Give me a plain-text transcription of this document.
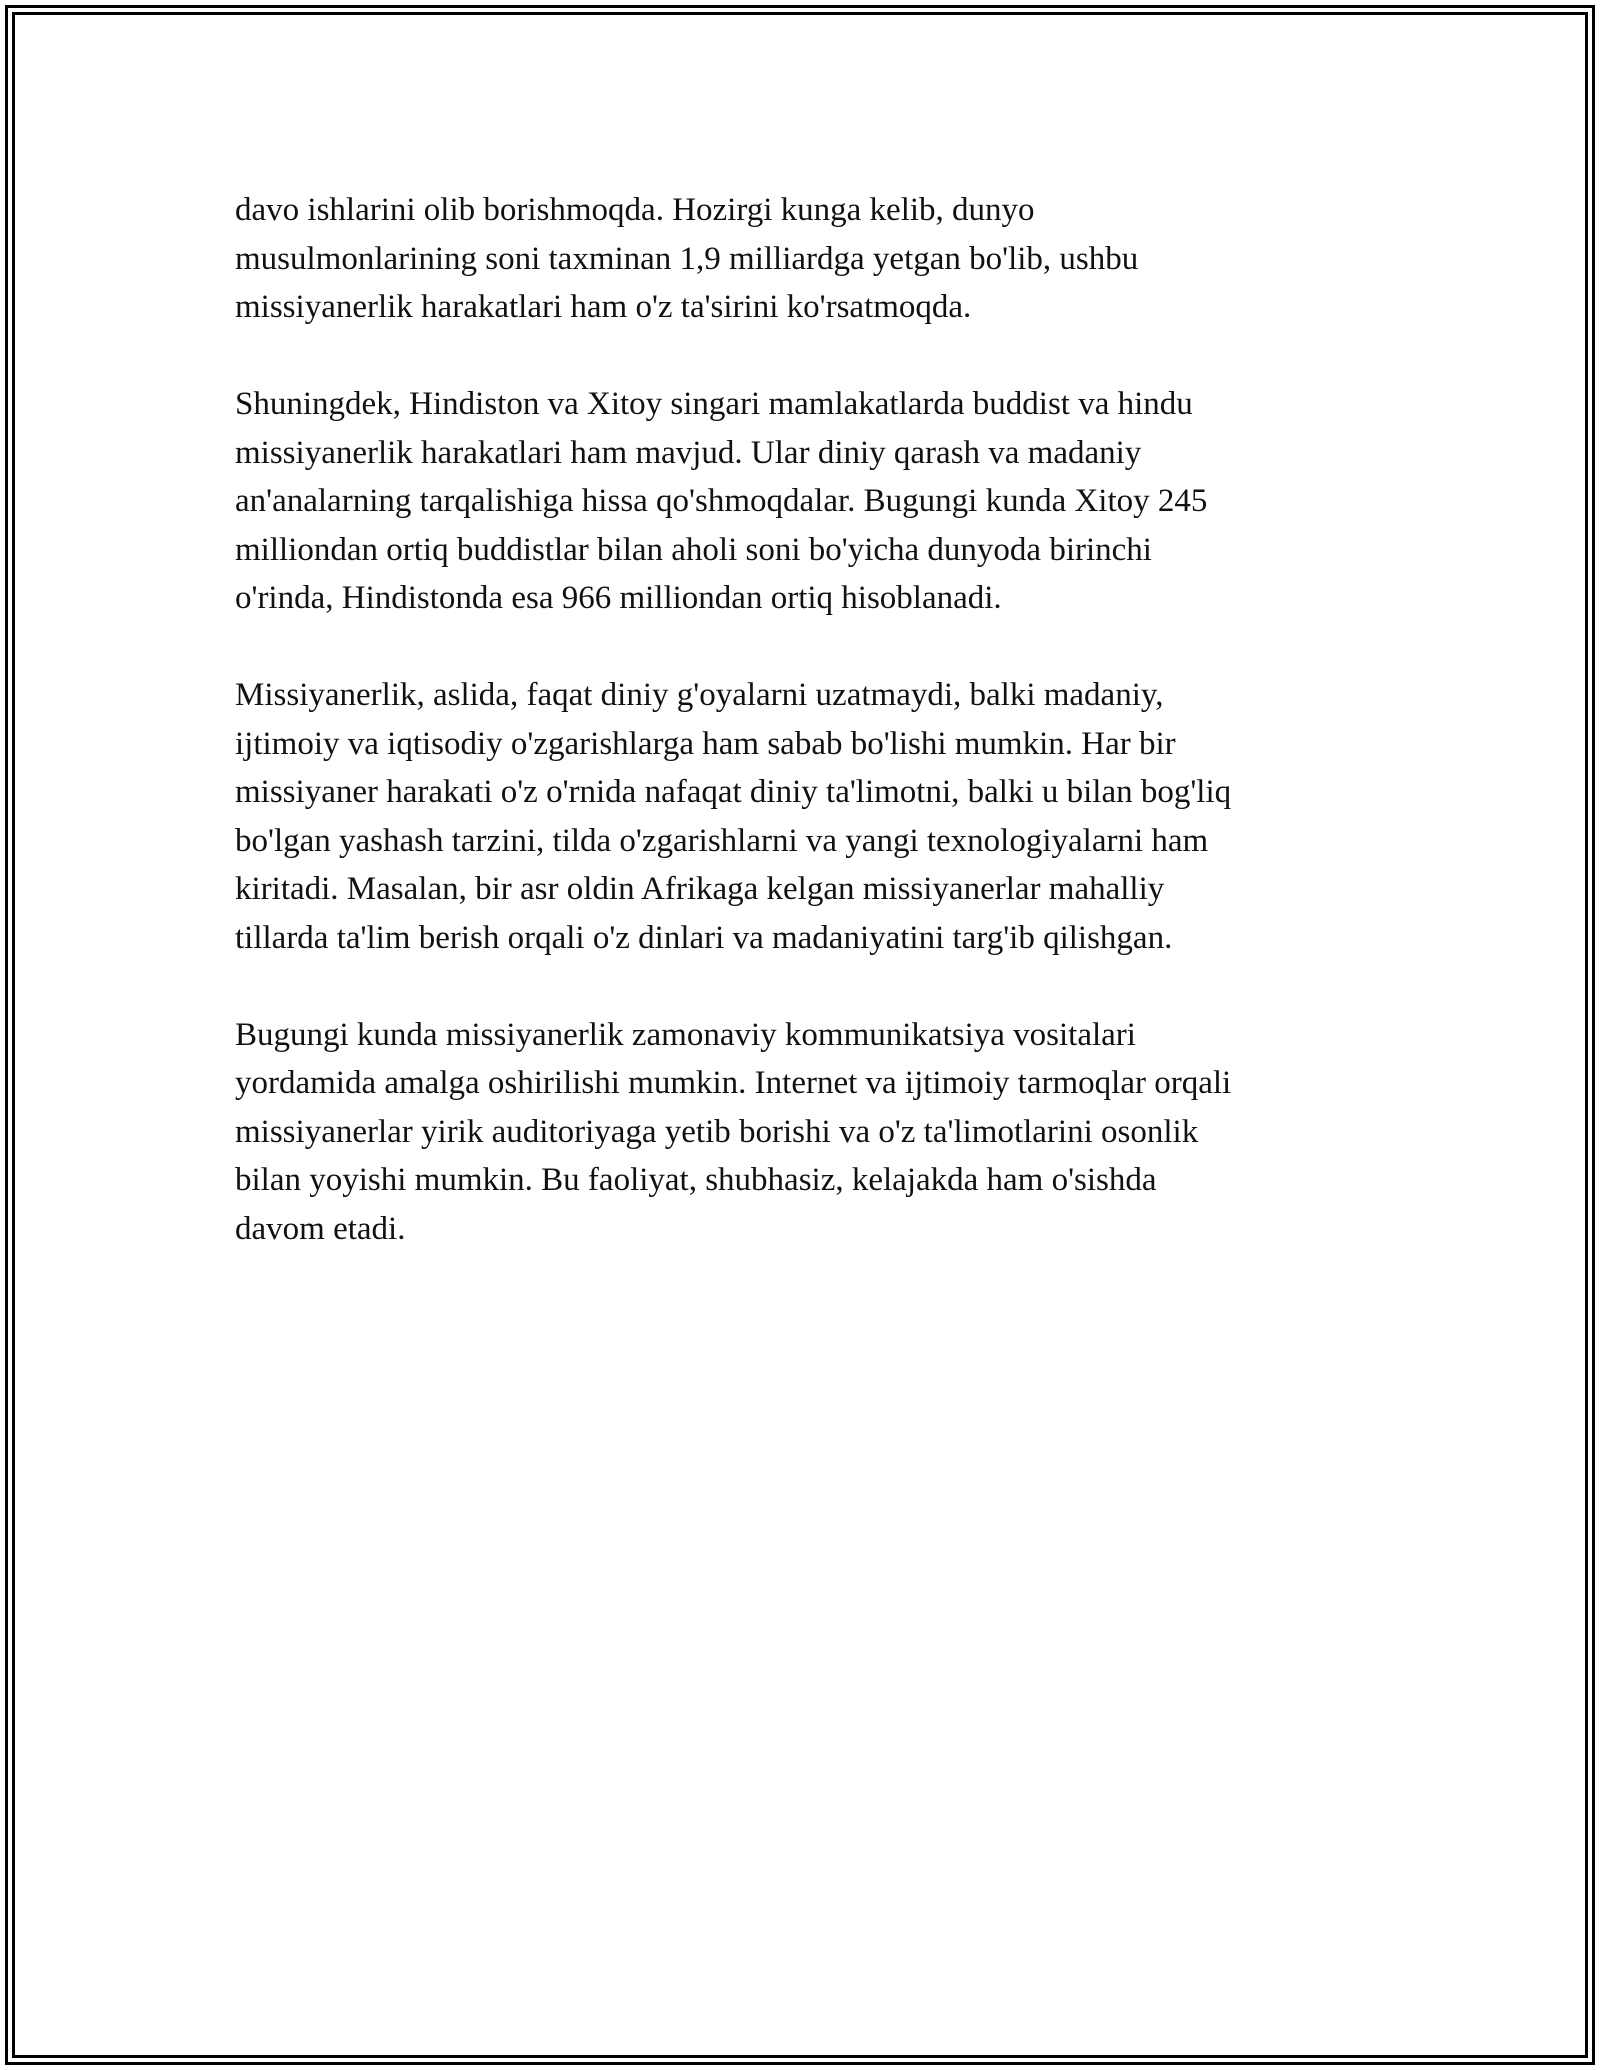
davo ishlarini olib borishmoqda. Hozirgi kunga kelib, dunyo
musulmonlarining soni taxminan 1,9 milliardga yetgan bo'lib, ushbu
missiyanerlik harakatlari ham o'z ta'sirini ko'rsatmoqda.

Shuningdek, Hindiston va Xitoy singari mamlakatlarda buddist va hindu
missiyanerlik harakatlari ham mavjud. Ular diniy qarash va madaniy
an'analarning tarqalishiga hissa qo'shmoqdalar. Bugungi kunda Xitoy 245
milliondan ortiq buddistlar bilan aholi soni bo'yicha dunyoda birinchi
o'rinda, Hindistonda esa 966 milliondan ortiq hisoblanadi.

Missiyanerlik, aslida, faqat diniy g'oyalarni uzatmaydi, balki madaniy,
ijtimoiy va iqtisodiy o'zgarishlarga ham sabab bo'lishi mumkin. Har bir
missiyaner harakati o'z o'rnida nafaqat diniy ta'limotni, balki u bilan bog'liq
bo'lgan yashash tarzini, tilda o'zgarishlarni va yangi texnologiyalarni ham
kiritadi. Masalan, bir asr oldin Afrikaga kelgan missiyanerlar mahalliy
tillarda ta'lim berish orqali o'z dinlari va madaniyatini targ'ib qilishgan.

Bugungi kunda missiyanerlik zamonaviy kommunikatsiya vositalari
yordamida amalga oshirilishi mumkin. Internet va ijtimoiy tarmoqlar orqali
missiyanerlar yirik auditoriyaga yetib borishi va o'z ta'limotlarini osonlik
bilan yoyishi mumkin. Bu faoliyat, shubhasiz, kelajakda ham o'sishda
davom etadi.
